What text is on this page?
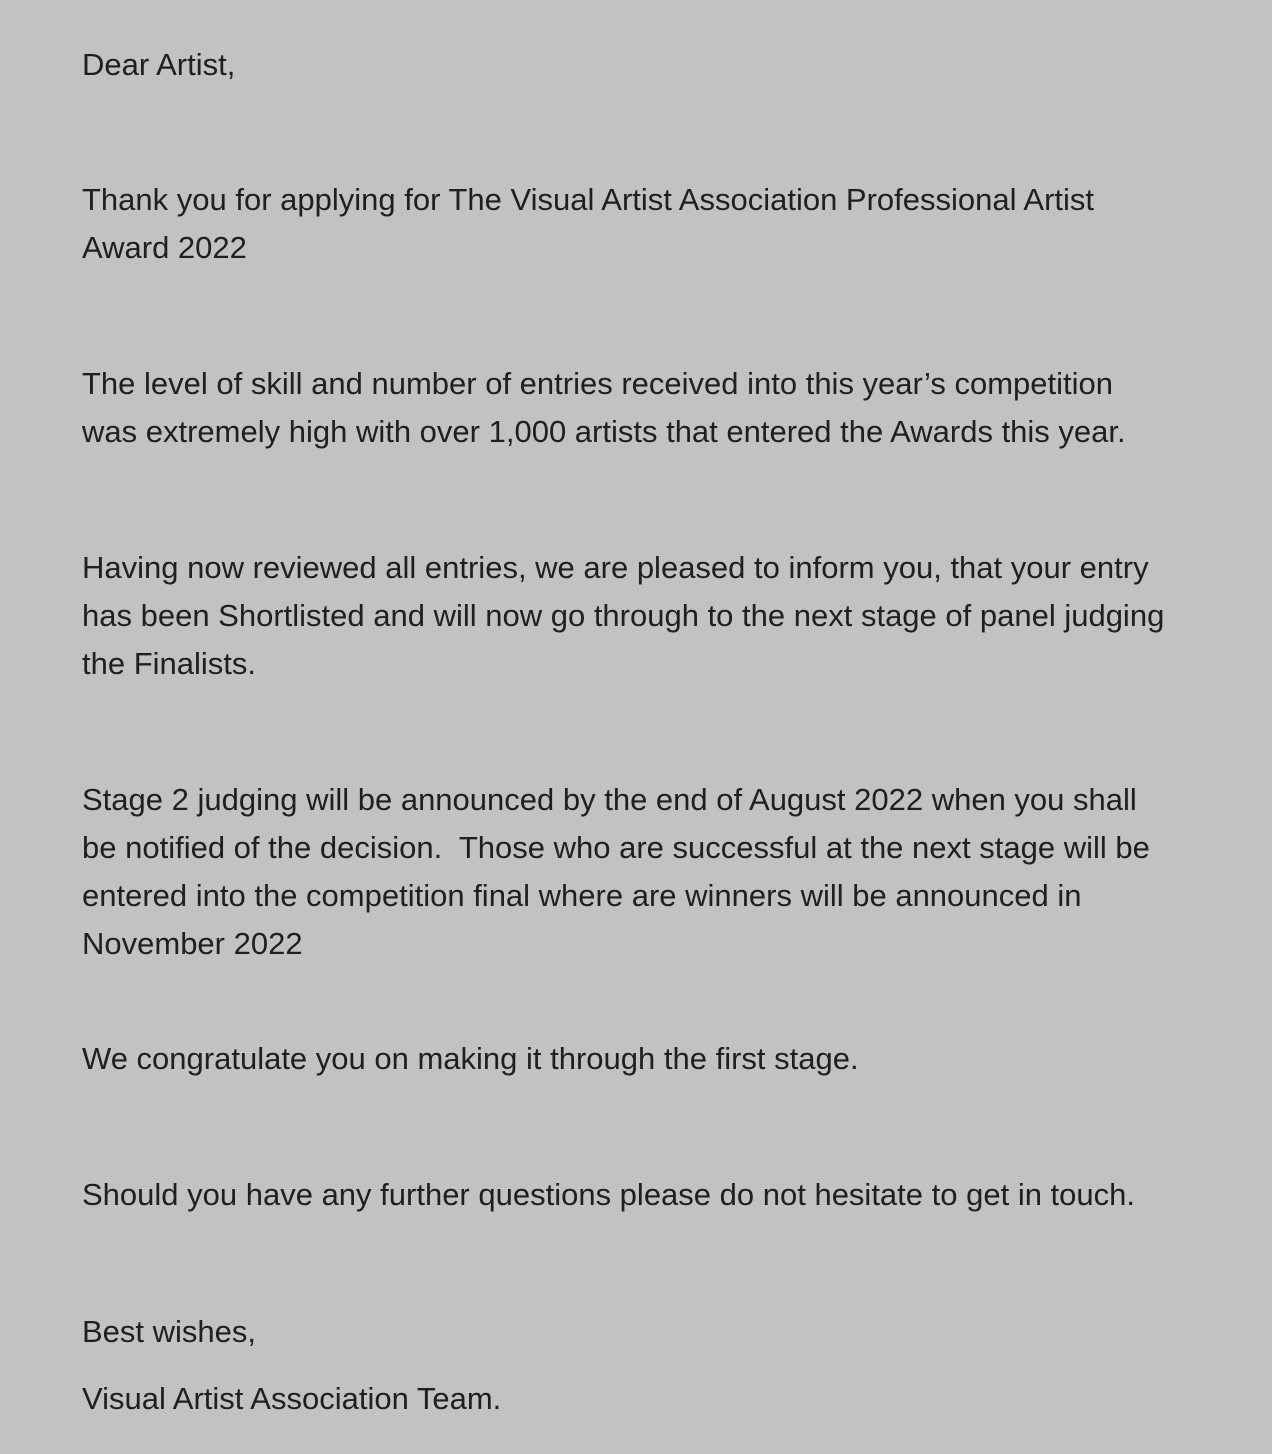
Dear Artist,

Thank you for applying for The Visual Artist Association Professional Artist
Award 2022

The level of skill and number of entries received into this year’s competition
was extremely high with over 1,000 artists that entered the Awards this year.

Having now reviewed all entries, we are pleased to inform you, that your entry
has been Shortlisted and will now go through to the next stage of panel judging
the Finalists.

Stage 2 judging will be announced by the end of August 2022 when you shall
be notified of the decision.  Those who are successful at the next stage will be
entered into the competition final where are winners will be announced in
November 2022

We congratulate you on making it through the first stage.

Should you have any further questions please do not hesitate to get in touch.

Best wishes,

Visual Artist Association Team.
